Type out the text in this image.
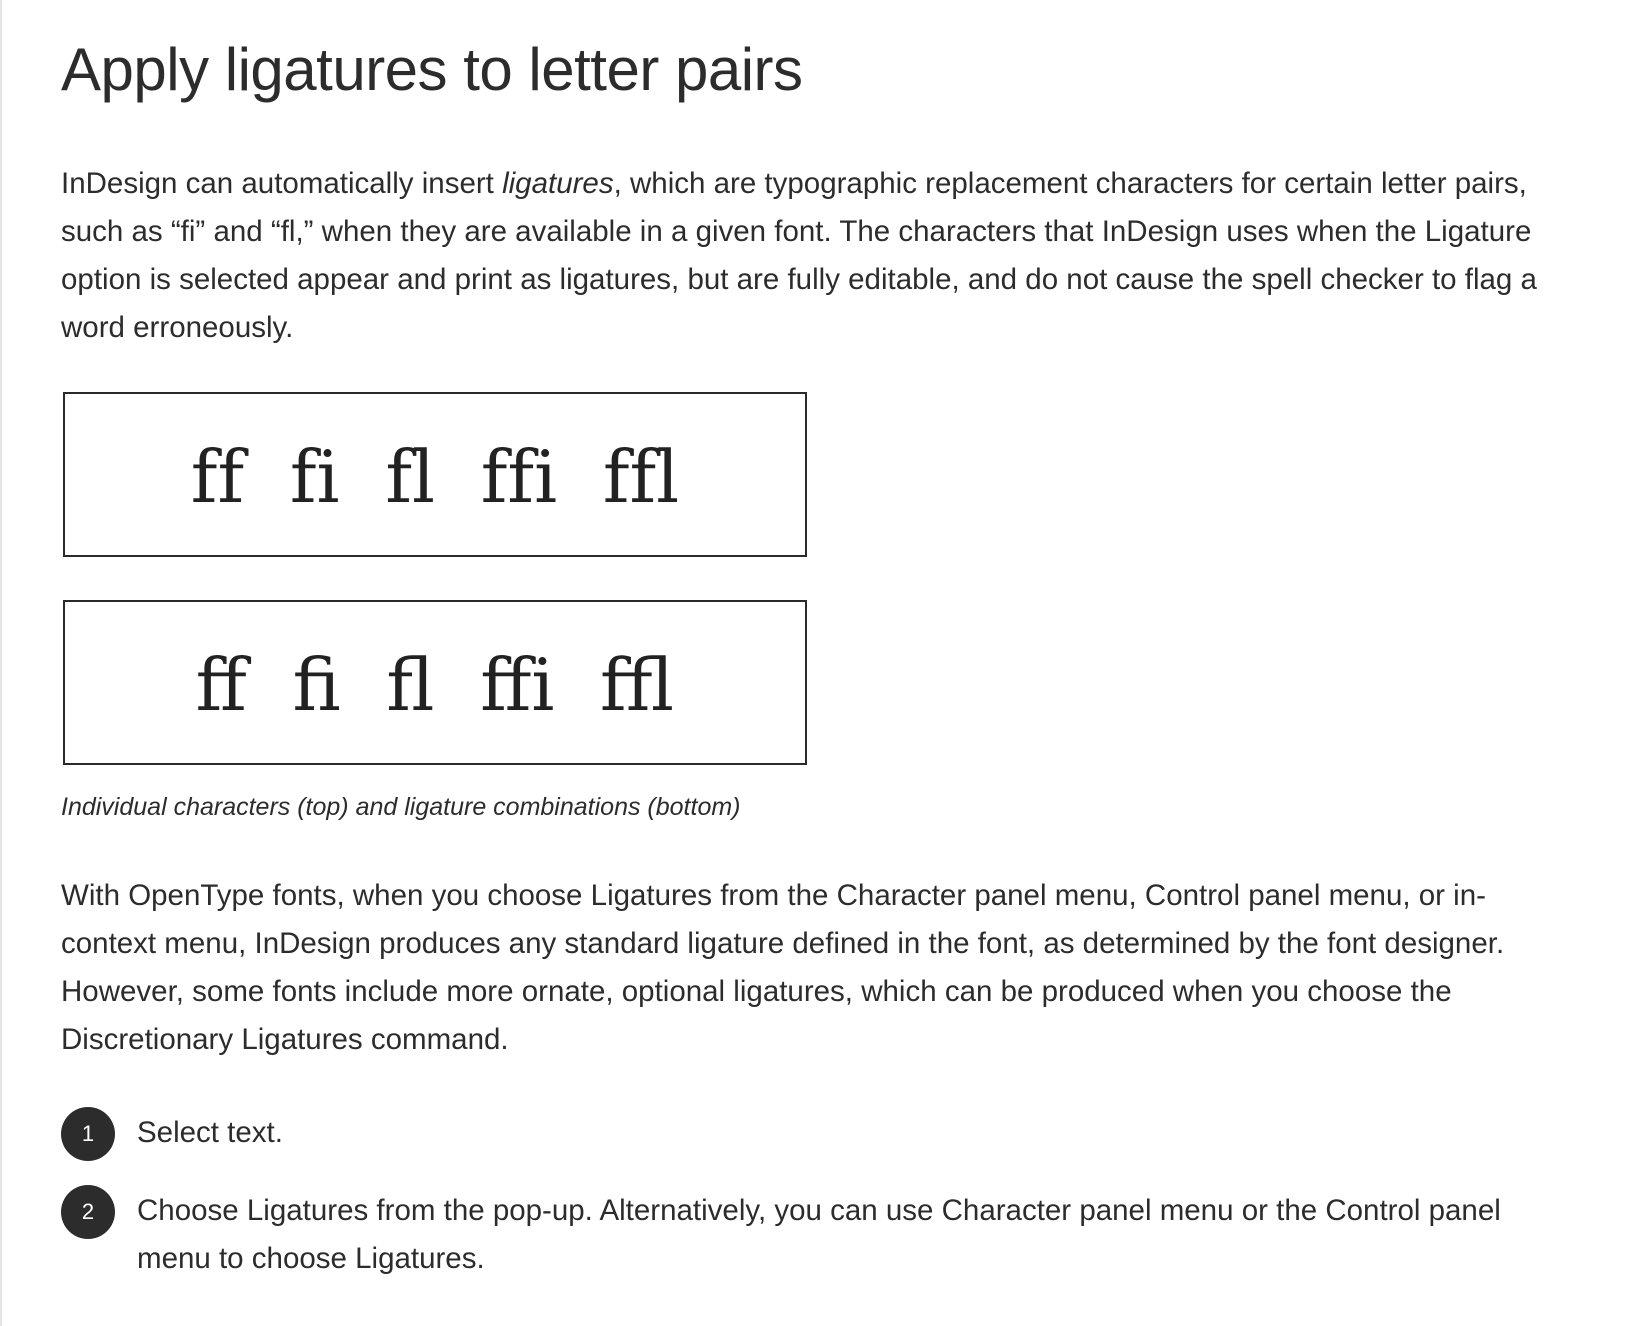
Apply ligatures to letter pairs

InDesign can automatically insert ligatures, which are typographic replacement characters for certain letter pairs, such as “fi” and “fl,” when they are available in a given font. The characters that InDesign uses when the Ligature option is selected appear and print as ligatures, but are fully editable, and do not cause the spell checker to flag a word erroneously.

ff  fi  fl  ffi  ffl
ff  fi  fl  ffi  ffl

Individual characters (top) and ligature combinations (bottom)

With OpenType fonts, when you choose Ligatures from the Character panel menu, Control panel menu, or in-context menu, InDesign produces any standard ligature defined in the font, as determined by the font designer. However, some fonts include more ornate, optional ligatures, which can be produced when you choose the Discretionary Ligatures command.

1	Select text.

2	Choose Ligatures from the pop-up. Alternatively, you can use Character panel menu or the Control panel menu to choose Ligatures.
